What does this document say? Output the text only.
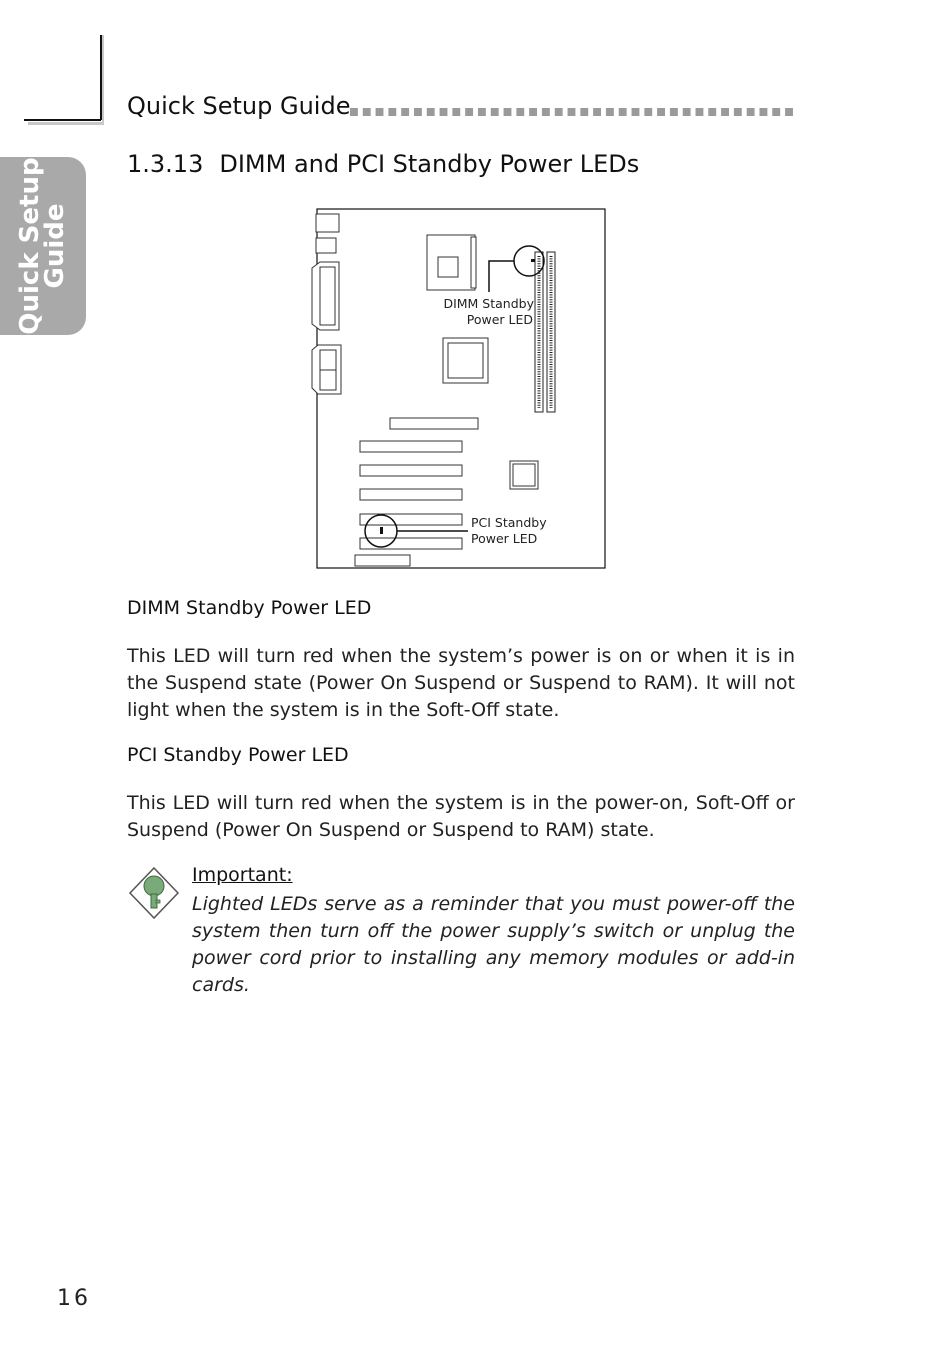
Quick Setup
Guide
Quick Setup Guide
1.3.13 DIMM and PCI Standby Power LEDs
DIMM Standby
Power LED
PCI Standby
Power LED
DIMM Standby Power LED

This LED will turn red when the system’s power is on or when it is in the Suspend state (Power On Suspend or Suspend to RAM). It will not light when the system is in the Soft-Off state.

PCI Standby Power LED

This LED will turn red when the system is in the power-on, Soft-Off or Suspend (Power On Suspend or Suspend to RAM) state.

Important:

Lighted LEDs serve as a reminder that you must power-off the system then turn off the power supply’s switch or unplug the power cord prior to installing any memory modules or add-in cards.

16
